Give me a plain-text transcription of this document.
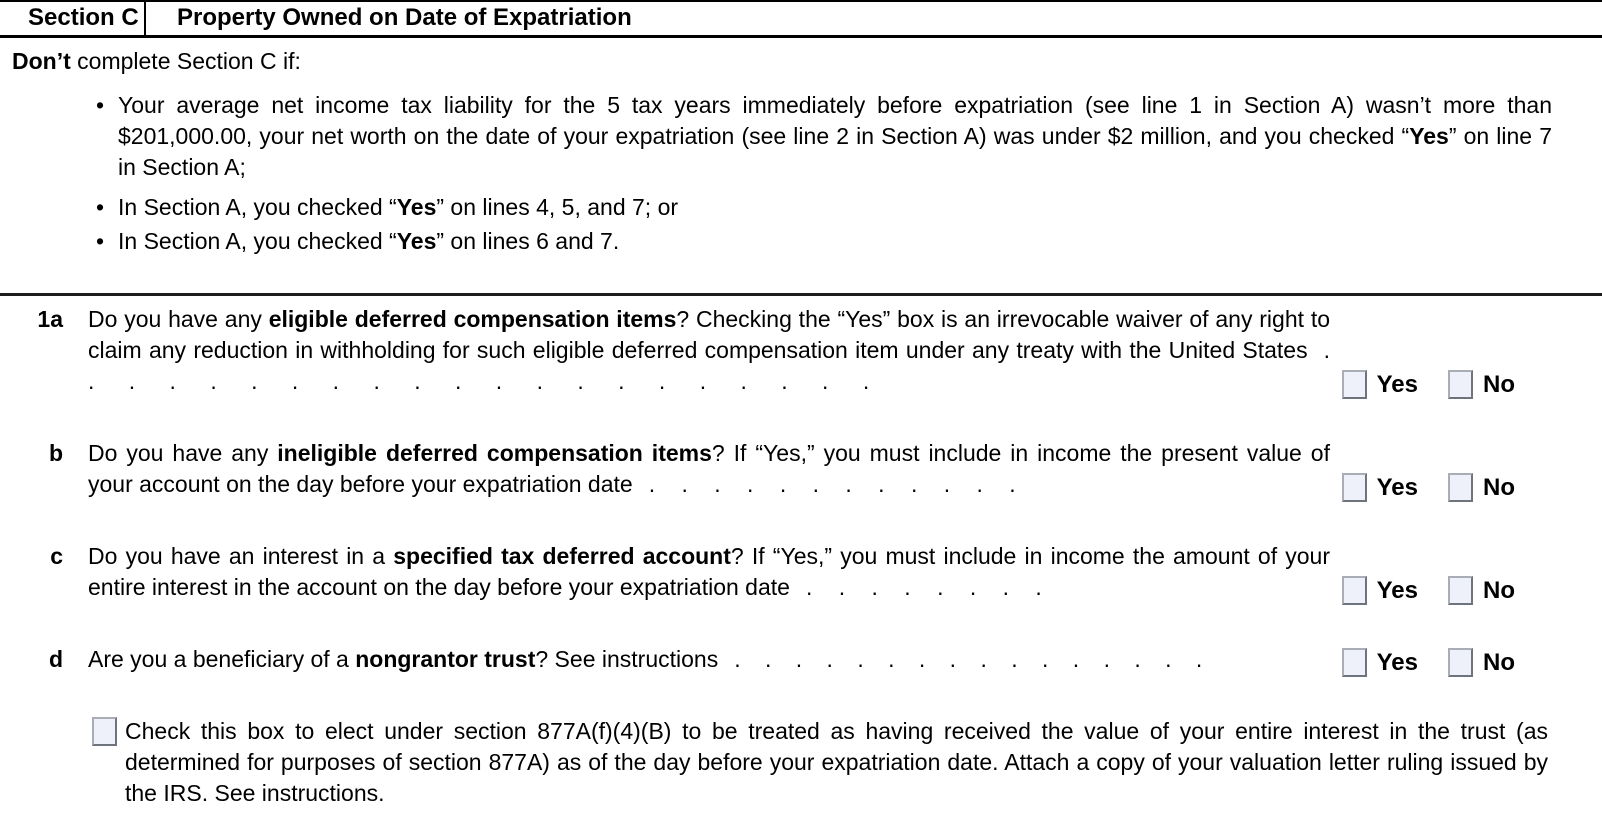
Section C	Property Owned on Date of Expatriation
Don’t complete Section C if:
• Your average net income tax liability for the 5 tax years immediately before expatriation (see line 1 in Section A) wasn’t more than $201,000.00, your net worth on the date of your expatriation (see line 2 in Section A) was under $2 million, and you checked “Yes” on line 7 in Section A;
• In Section A, you checked “Yes” on lines 4, 5, and 7; or
• In Section A, you checked “Yes” on lines 6 and 7.
1a Do you have any eligible deferred compensation items? Checking the “Yes” box is an irrevocable waiver of any right to claim any reduction in withholding for such eligible deferred compensation item under any treaty with the United States . . . . . . . . . . . . . . . . . . . . .	Yes	No
b Do you have any ineligible deferred compensation items? If “Yes,” you must include in income the present value of your account on the day before your expatriation date . . . . . . . . . . . .	Yes	No
c Do you have an interest in a specified tax deferred account? If “Yes,” you must include in income the amount of your entire interest in the account on the day before your expatriation date . . . . . . . .	Yes	No
d Are you a beneficiary of a nongrantor trust? See instructions . . . . . . . . . . . . . . . .	Yes	No
Check this box to elect under section 877A(f)(4)(B) to be treated as having received the value of your entire interest in the trust (as determined for purposes of section 877A) as of the day before your expatriation date. Attach a copy of your valuation letter ruling issued by the IRS. See instructions.
